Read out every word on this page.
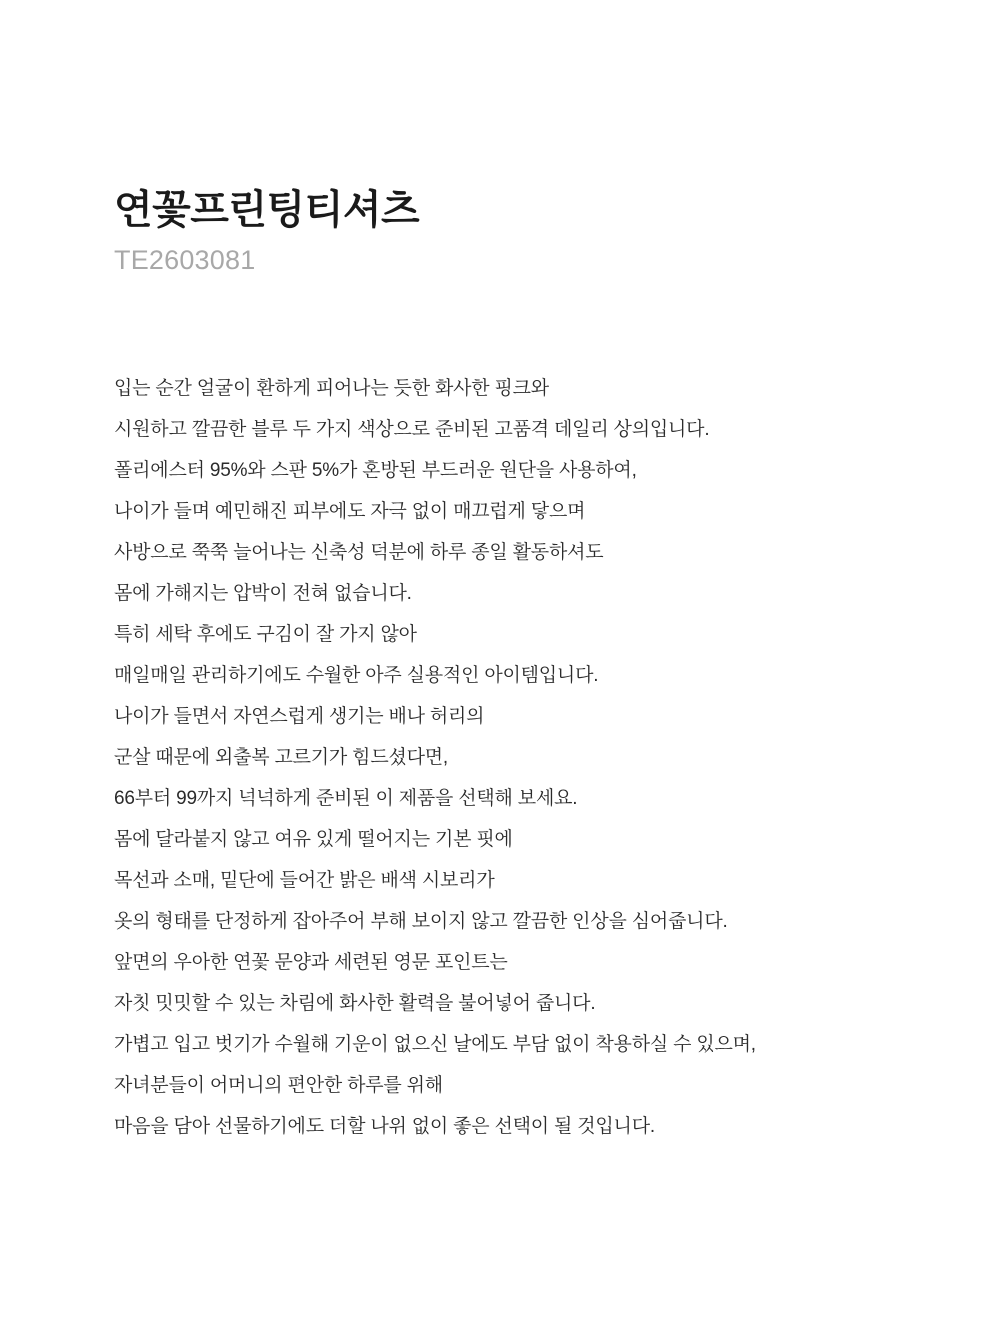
연꽃프린팅티셔츠
TE2603081

입는 순간 얼굴이 환하게 피어나는 듯한 화사한 핑크와

시원하고 깔끔한 블루 두 가지 색상으로 준비된 고품격 데일리 상의입니다.

폴리에스터 95%와 스판 5%가 혼방된 부드러운 원단을 사용하여,

나이가 들며 예민해진 피부에도 자극 없이 매끄럽게 닿으며

사방으로 쭉쭉 늘어나는 신축성 덕분에 하루 종일 활동하셔도

몸에 가해지는 압박이 전혀 없습니다.

특히 세탁 후에도 구김이 잘 가지 않아

매일매일 관리하기에도 수월한 아주 실용적인 아이템입니다.

나이가 들면서 자연스럽게 생기는 배나 허리의

군살 때문에 외출복 고르기가 힘드셨다면,

66부터 99까지 넉넉하게 준비된 이 제품을 선택해 보세요.

몸에 달라붙지 않고 여유 있게 떨어지는 기본 핏에

목선과 소매, 밑단에 들어간 밝은 배색 시보리가

옷의 형태를 단정하게 잡아주어 부해 보이지 않고 깔끔한 인상을 심어줍니다.

앞면의 우아한 연꽃 문양과 세련된 영문 포인트는

자칫 밋밋할 수 있는 차림에 화사한 활력을 불어넣어 줍니다.

가볍고 입고 벗기가 수월해 기운이 없으신 날에도 부담 없이 착용하실 수 있으며,

자녀분들이 어머니의 편안한 하루를 위해

마음을 담아 선물하기에도 더할 나위 없이 좋은 선택이 될 것입니다.
